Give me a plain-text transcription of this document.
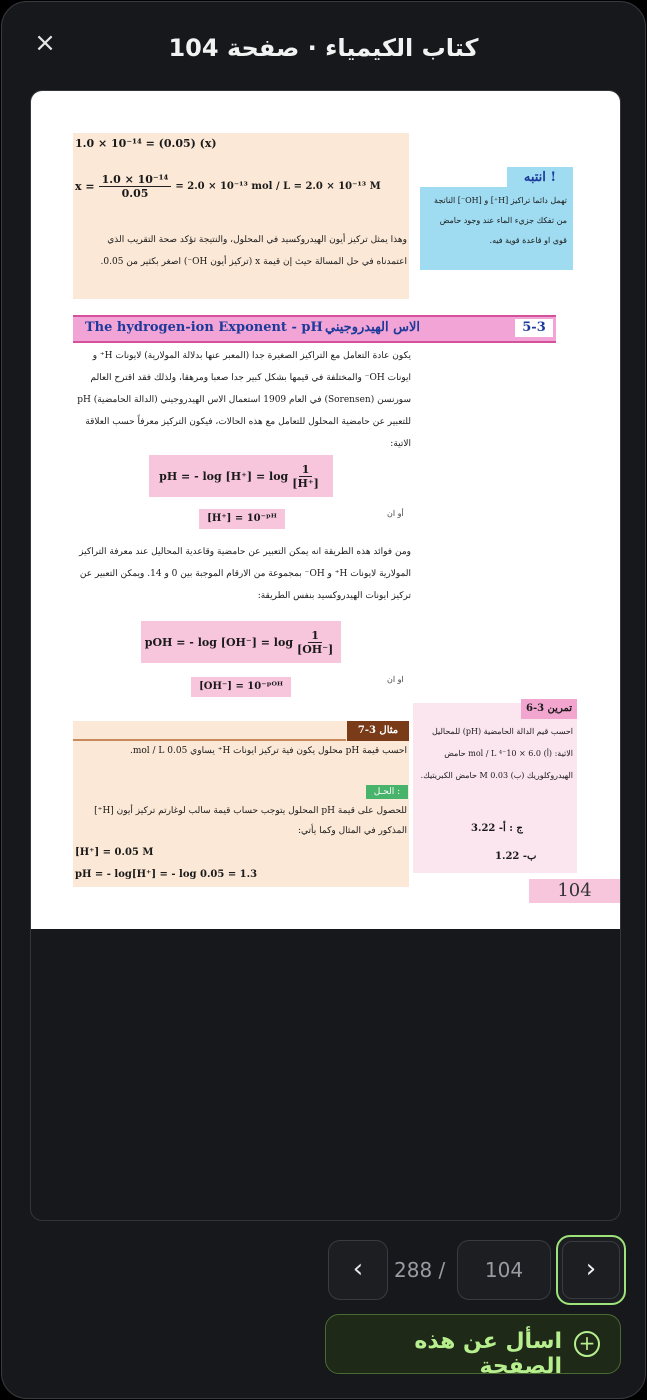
×	كتاب الكيمياء · صفحة 104
1.0 × 10⁻¹⁴ = (0.05) (x)
$x = \frac{\text{1.0 × 10⁻¹⁴}}{0.05} = 2.0 \times 10^{-13}$ mol / L = 2.0 × 10⁻¹³ M
وهذا يمثل تركيز أيون الهيدروكسيد في المحلول، والنتيجة تؤكد صحة التقريب الذي اعتمدناه في حل المسالة حيث إن قيمة x (تركيز أيون OH⁻) اصغر بكثير من 0.05.
انتبه !
تهمل دائما تراكيز [H⁺] و [OH⁻] الناتجة من تفكك جزيء الماء عند وجود حامض قوي او قاعدة قوية فيه.
The hydrogen-ion Exponent - pH الاس الهيدروجيني	5-3
يكون عادة التعامل مع التراكيز الصغيرة جدا (المعبر عنها بدلالة المولارية) لايونات H⁺ و ايونات OH⁻ والمختلفة في قيمها بشكل كبير جدا صعبا ومرهقا، ولذلك فقد اقترح العالم سورنسن (Sorensen) في العام 1909 استعمال الاس الهيدروجيني (الدالة الحامضية) pH للتعبير عن حامضية المحلول للتعامل مع هذه الحالات، فيكون التركيز معرفاً حسب العلاقة الاتية:
pH = - $\log [H^+] = \log \frac{1}{[H^+]}$
أو ان
[H⁺] = 10⁻ᵖᴴ
ومن فوائد هذه الطريقة انه يمكن التعبير عن حامضية وقاعدية المحاليل عند معرفة التراكيز المولارية لايونات H⁺ و OH⁻ بمجموعة من الارقام الموجبة بين 0 و 14. ويمكن التعبير عن تركيز ايونات الهيدروكسيد بنفس الطريقة:
pOH = - $\log [OH^-] = \log \frac{1}{[OH^-]}$
او ان
[OH⁻] = 10⁻ᵖᴼᴴ
مثال 3-7
احسب قيمة pH محلول يكون فية تركيز ايونات H⁺ يساوي 0.05 mol / L.
الحـل :
للحصول على قيمة pH المحلول يتوجب حساب قيمة سالب لوغارتم تركيز أيون [H⁺] المذكور في المثال وكما يأتي:
[H⁺] = 0.05 M
pH = - log[H⁺] = - log 0.05 = 1.3
تمرين 3-6
احسب قيم الدالة الحامضية (pH) للمحاليل الاتية: (أ) 6.0 × 10⁻⁴ mol / L حامض الهيدروكلوريك (ب) 0.03 M حامض الكبريتيك.
ج : أ- 3.22
ب- 1.22
104
‹	288 /	104	›
اسأل عن هذه الصفحة
+
